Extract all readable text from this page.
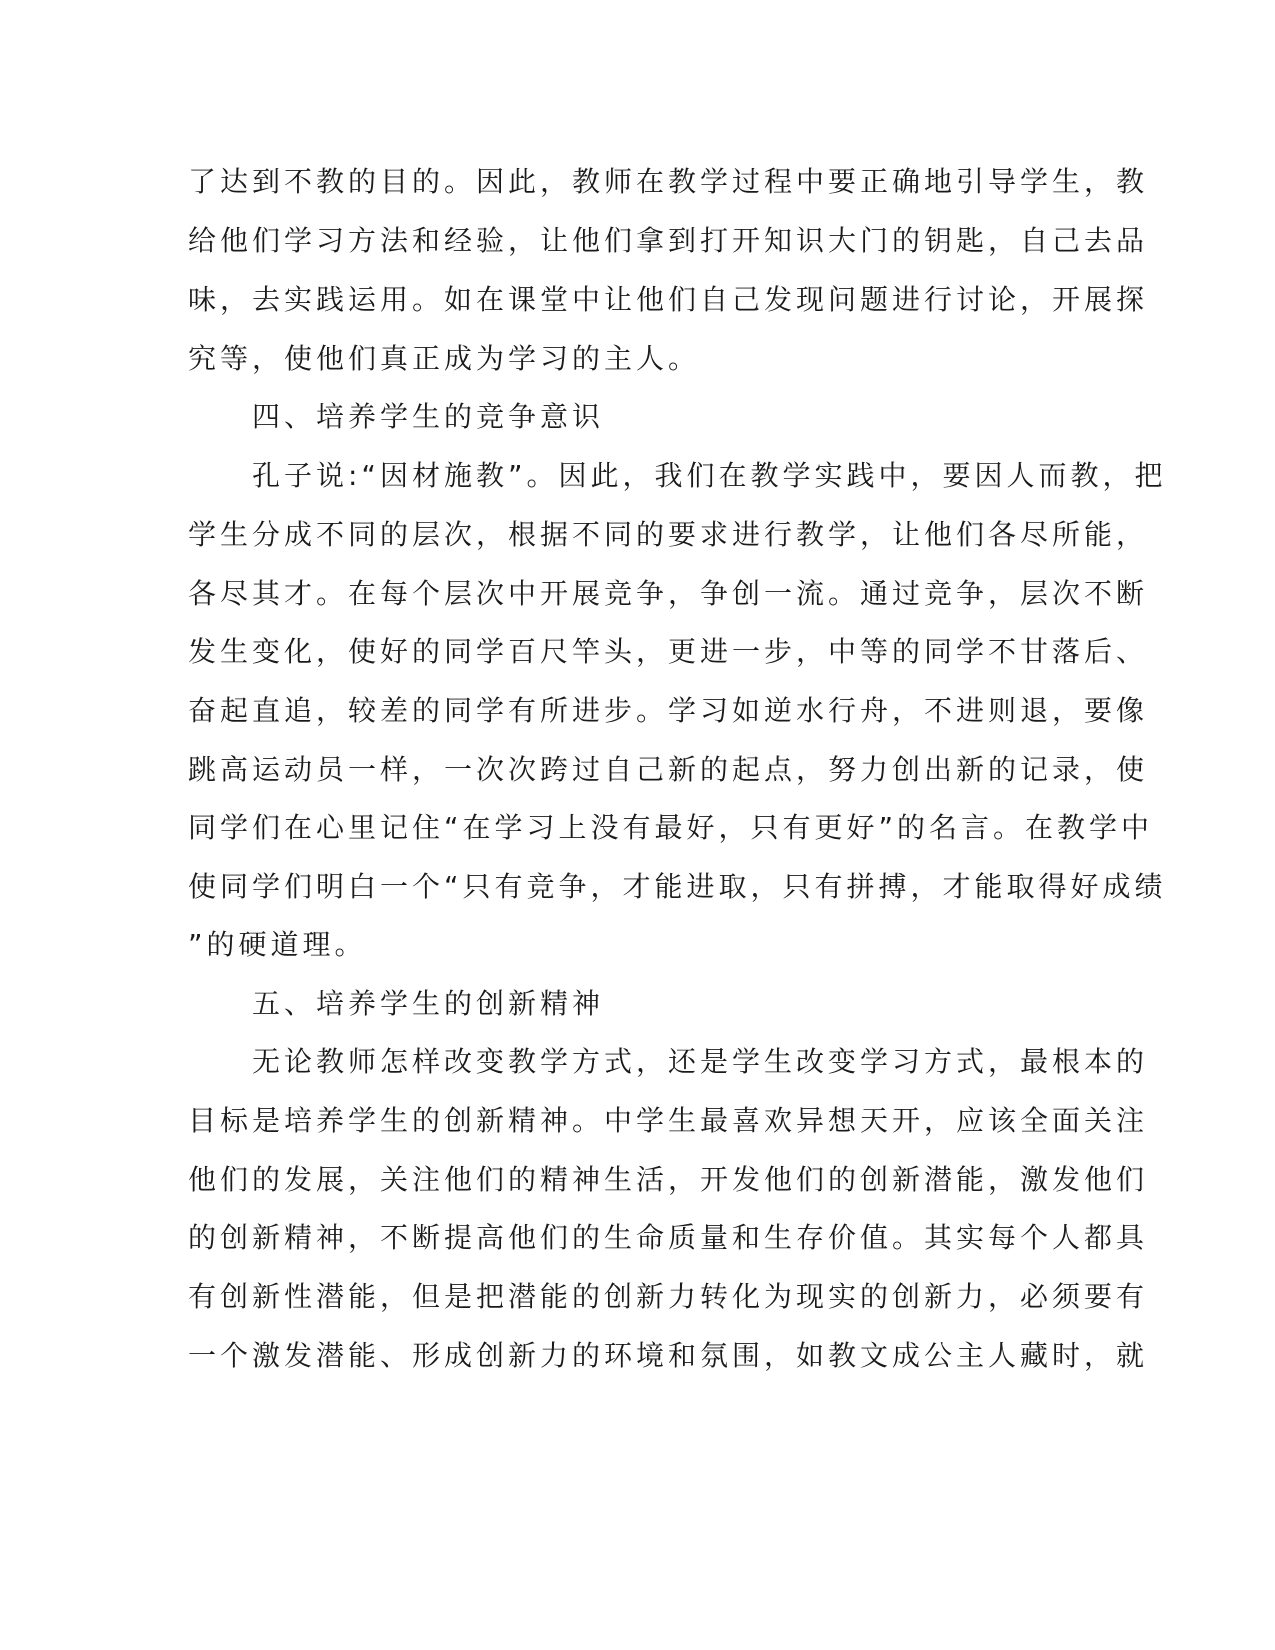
了达到不教的目的。因此，教师在教学过程中要正确地引导学生，教
给他们学习方法和经验，让他们拿到打开知识大门的钥匙，自己去品
味，去实践运用。如在课堂中让他们自己发现问题进行讨论，开展探
究等，使他们真正成为学习的主人。
四、培养学生的竞争意识
孔子说:“因材施教”。因此，我们在教学实践中，要因人而教，把
学生分成不同的层次，根据不同的要求进行教学，让他们各尽所能，
各尽其才。在每个层次中开展竞争，争创一流。通过竞争，层次不断
发生变化，使好的同学百尺竿头，更进一步，中等的同学不甘落后、
奋起直追，较差的同学有所进步。学习如逆水行舟，不进则退，要像
跳高运动员一样，一次次跨过自己新的起点，努力创出新的记录，使
同学们在心里记住“在学习上没有最好，只有更好”的名言。在教学中
使同学们明白一个“只有竞争，才能进取，只有拼搏，才能取得好成绩
”的硬道理。
五、培养学生的创新精神
无论教师怎样改变教学方式，还是学生改变学习方式，最根本的
目标是培养学生的创新精神。中学生最喜欢异想天开，应该全面关注
他们的发展，关注他们的精神生活，开发他们的创新潜能，激发他们
的创新精神，不断提高他们的生命质量和生存价值。其实每个人都具
有创新性潜能，但是把潜能的创新力转化为现实的创新力，必须要有
一个激发潜能、形成创新力的环境和氛围，如教文成公主人藏时，就
